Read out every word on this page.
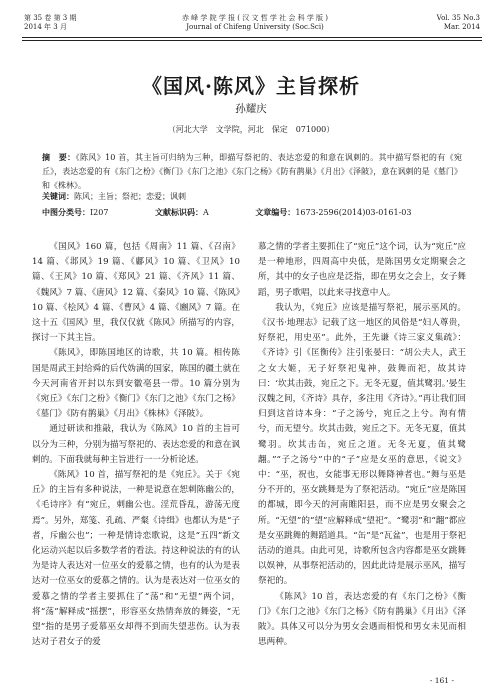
第 35 卷 第 3 期
2014 年 3 月
赤 峰 学 院 学 报 ( 汉 文 哲 学 社 会 科 学 版 )
Journal of Chifeng University (Soc.Sci)
Vol. 35 No.3
Mar. 2014
《国风·陈风》主旨探析
孙耀庆
（河北大学　文学院，河北　保定　071000）
摘　要：《陈风》10 首，其主旨可归纳为三种，即描写祭祀的、表达恋爱的和意在讽刺的。其中描写祭祀的有《宛丘》，表达恋爱的有《东门之枌》《衡门》《东门之池》《东门之杨》《防有鹊巢》《月出》《泽陂》，意在讽刺的是《墓门》和《株林》。
关键词：陈风；主旨；祭祀；恋爱；讽刺
中图分类号：I207	文献标识码：A	文章编号：1673-2596(2014)03-0161-03

《国风》160 篇，包括《周南》11 篇、《召南》14 篇、《邶风》19 篇、《鄘风》10 篇、《卫风》10 篇、《王风》10 篇、《郑风》21 篇、《齐风》11 篇、《魏风》7 篇、《唐风》12 篇、《秦风》10 篇、《陈风》10 篇、《桧风》4 篇、《曹风》4 篇、《豳风》7 篇。在这十五《国风》里，我仅仅就《陈风》所描写的内容，探讨一下其主旨。

《陈风》，即陈国地区的诗歌，共 10 篇。相传陈国是周武王封给舜的后代妫满的国家，陈国的疆土就在今天河南省开封以东到安徽亳县一带。10 篇分别为《宛丘》《东门之枌》《衡门》《东门之池》《东门之杨》《墓门》《防有鹊巢》《月出》《株林》《泽陂》。

通过研读和推敲，我认为《陈风》10 首的主旨可以分为三种，分别为描写祭祀的、表达恋爱的和意在讽刺的。下面我就每种主旨进行一一分析论述。

《陈风》10 首，描写祭祀的是《宛丘》。关于《宛丘》的主旨有多种说法，一种是说意在恕刺陈幽公的，《毛诗序》有“宛丘，刺幽公也。淫荒昏乱，游荡无度焉”。另外，郑笺、孔疏、严粲《诗缉》也都认为是“子者，斥幽公也”；一种是情诗恋歌说，这是“五四”新文化运动兴起以后多数学者的看法。持这种说法的有的认为是诗人表达对一位巫女的爱慕之情，也有的认为是表达对一位巫女的爱慕之情的。认为是表达对一位巫女的爱慕之情的学者主要抓住了“荡”和“无望”两个词，将“荡”解释成“摇摆”，形容巫女热情奔放的舞姿，“无望”指的是男子爱慕巫女却得不到而失望悲伤。认为表达对子君女子的爱

慕之情的学者主要抓住了“宛丘”这个词，认为“宛丘”应是一种地形，四周高中央低，是陈国男女定期聚会之所，其中的女子也应是泛指，即在男女之会上，女子舞蹈，男子歌唱，以此来寻找意中人。

我认为，《宛丘》应该是描写祭祀，展示巫风的。《汉书·地理志》记载了这一地区的风俗是“妇人尊贵，好祭祀，用史巫”。此外，王先谦《诗三家义集疏》：《齐诗》引《匡衡传》注引张晏曰：“胡公夫人，武王之女大姬，无子好祭祀鬼神，鼓舞而祀，故其诗曰：‘坎其击鼓，宛丘之下。无冬无夏，值其鹭羽。’晏生汉魏之间，《齐诗》具存，多注用《齐诗》。”再让我们回归到这首诗本身：“子之汤兮，宛丘之上兮。洵有情兮，而无望兮。坎其击鼓，宛丘之下。无冬无夏，值其鹭羽。坎其击缶，宛丘之道。无冬无夏，值其鹭翿。”“子之汤兮”中的“子”应是女巫的意思，《说文》中：“巫，祝也，女能事无形以舞降神者也。”舞与巫是分不开的，巫女跳舞是为了祭祀活动。“宛丘”应是陈国的都城，即今天的河南睢阳县，而不应是男女聚会之所。“无望”的“望”应解释成“望祀”。“鹭羽”和“翿”都应是女巫跳舞的舞蹈道具。“缶”是“瓦盆”，也是用于祭祀活动的道具。由此可见，诗歌所包含内容都是巫女跳舞以娱神，从事祭祀活动的，因此此诗是展示巫风，描写祭祀的。

《陈风》10 首，表达恋爱的有《东门之枌》《衡门》《东门之池》《东门之杨》《防有鹊巢》《月出》《泽陂》。具体又可以分为男女会遇而相悦和男女未见而相思两种。

- 161 -
